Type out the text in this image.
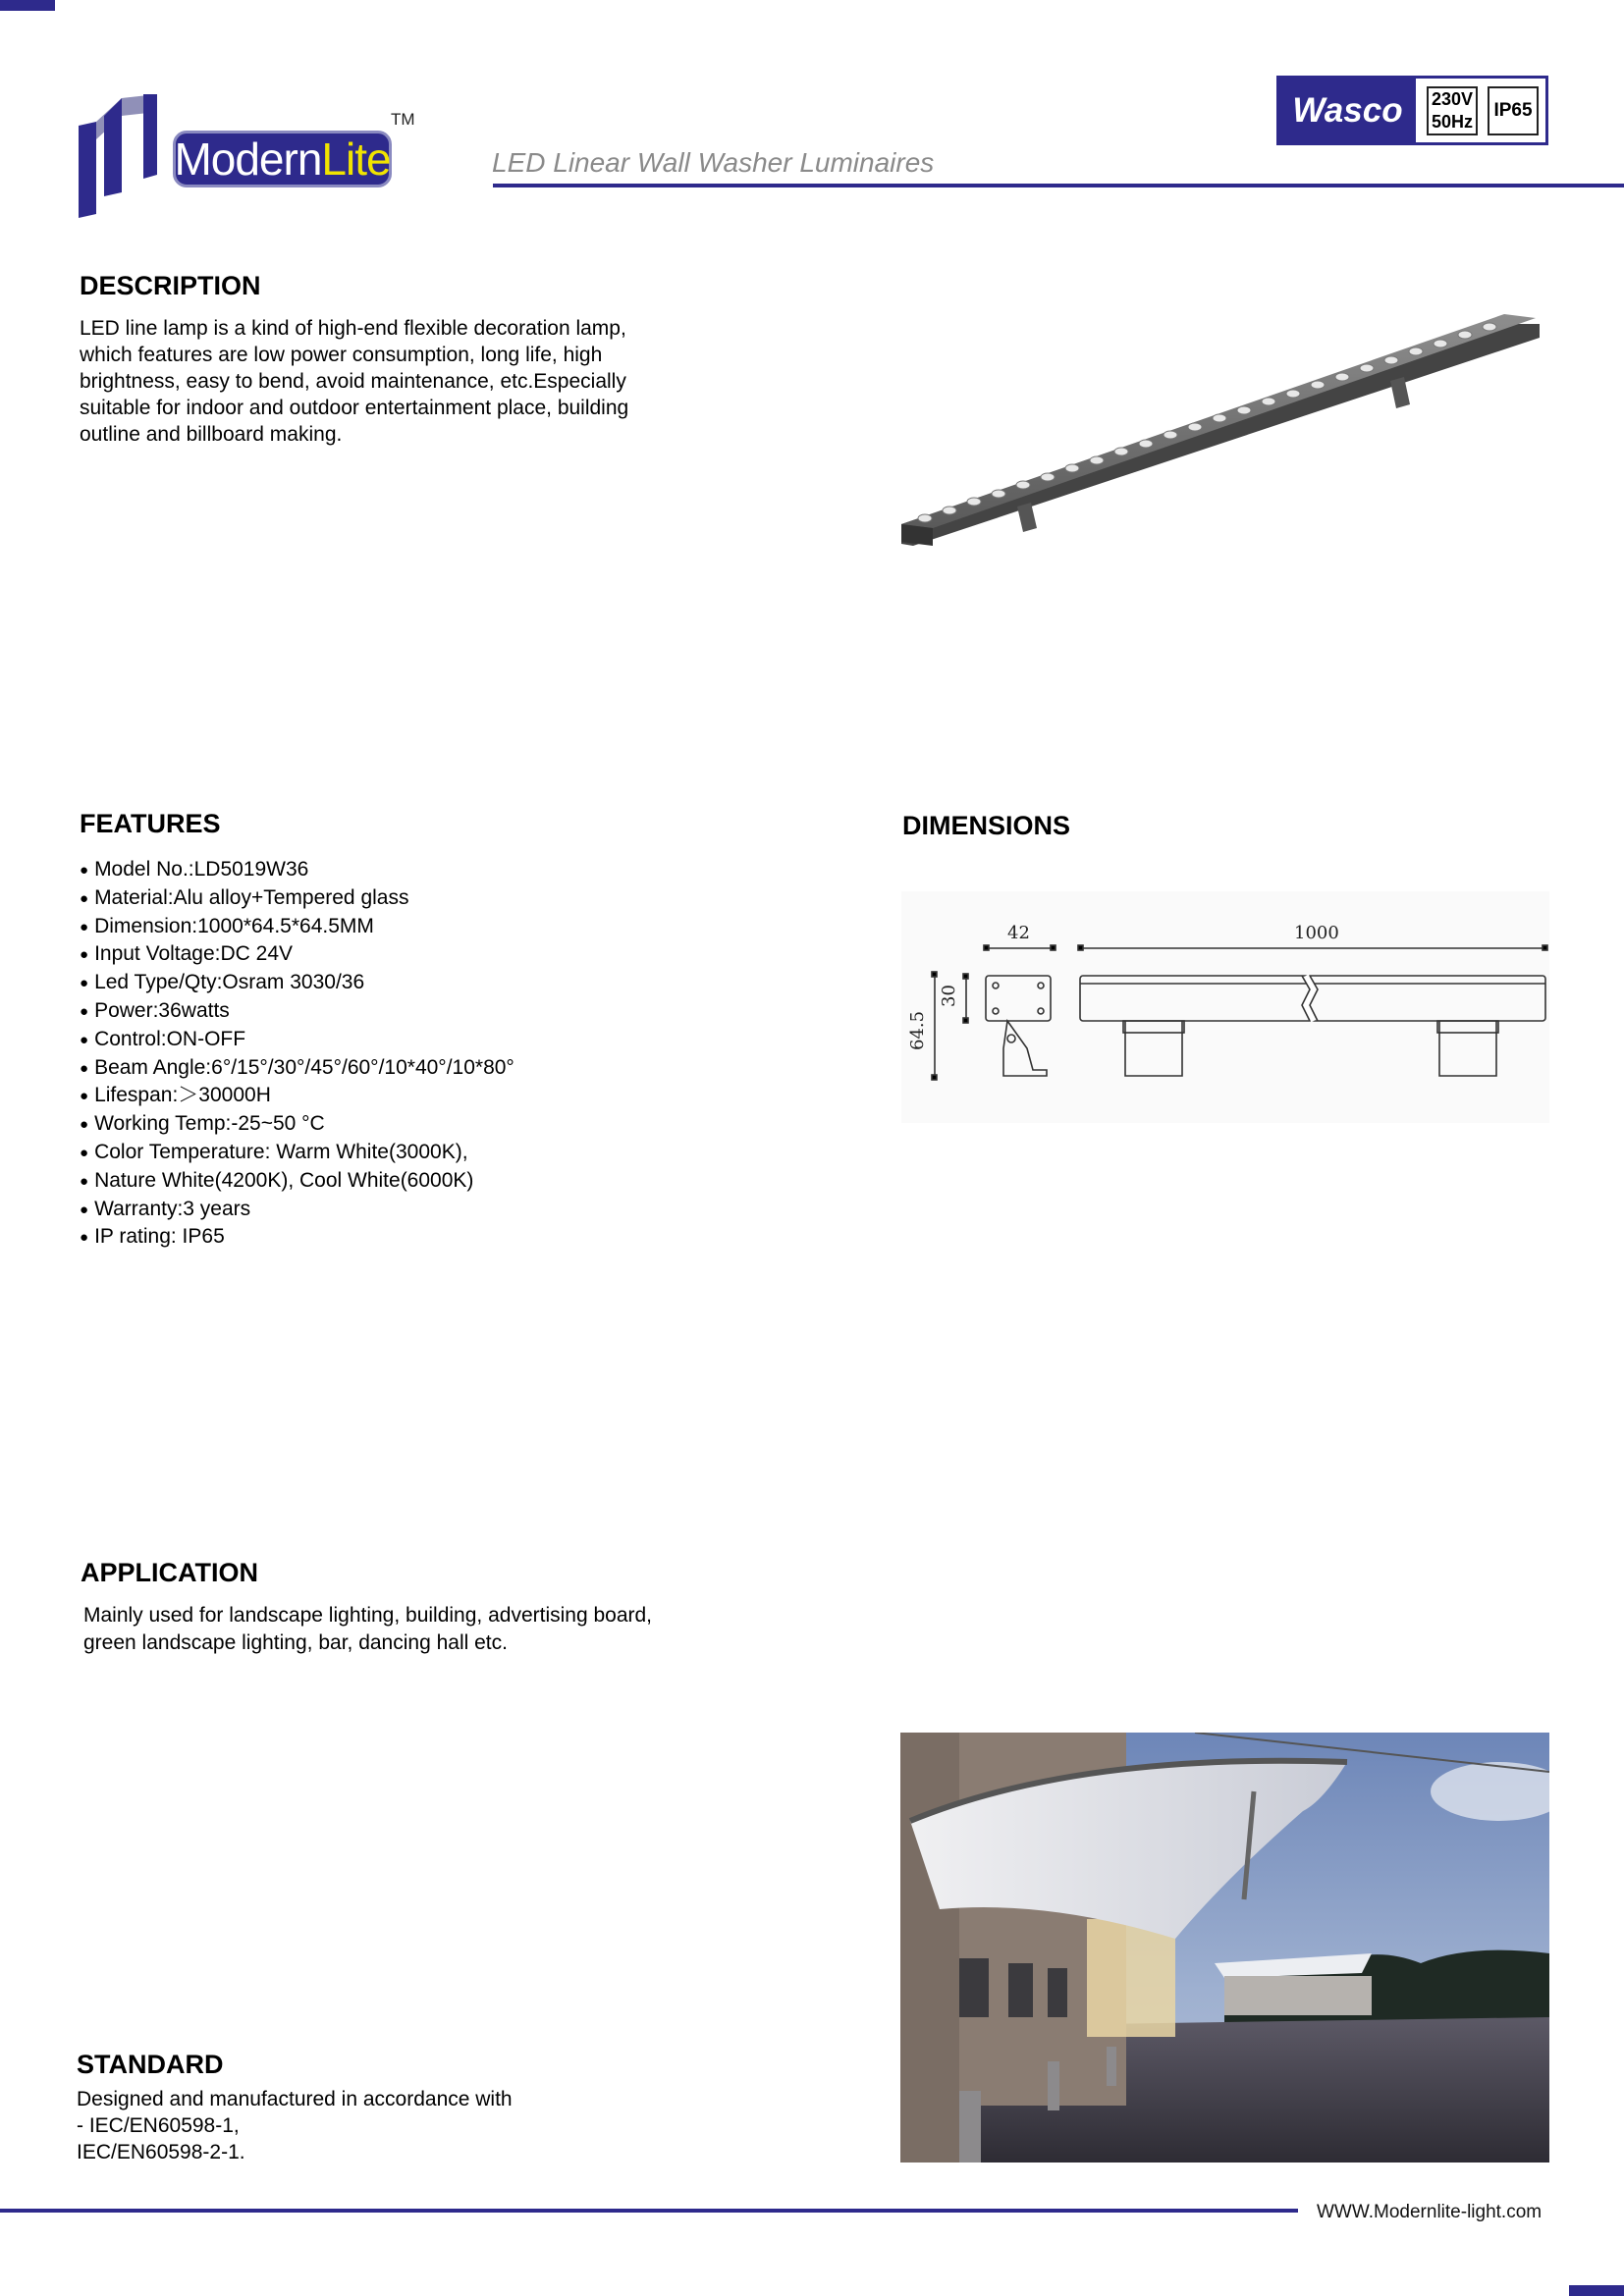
ModernLite
TM	Wasco	230V
50Hz
IP65
LED Linear Wall Washer Luminaires
DESCRIPTION
LED line lamp is a kind of high-end flexible decoration lamp,
which features are low power consumption, long life, high
brightness, easy to bend, avoid maintenance, etc.Especially
suitable for indoor and outdoor entertainment place, building
outline and billboard making.
FEATURES
● Model No.:LD5019W36
● Material:Alu alloy+Tempered glass
● Dimension:1000*64.5*64.5MM
● Input Voltage:DC 24V
● Led Type/Qty:Osram 3030/36
● Power:36watts
● Control:ON-OFF
● Beam Angle:6°/15°/30°/45°/60°/10*40°/10*80°
● Lifespan:＞30000H
● Working Temp:-25~50 °C
● Color Temperature: Warm White(3000K),
● Nature White(4200K), Cool White(6000K)
● Warranty:3 years
● IP rating: IP65
DIMENSIONS
42	1000
30
64.5
APPLICATION
Mainly used for landscape lighting, building, advertising board,
green landscape lighting, bar, dancing hall etc.
STANDARD
Designed and manufactured in accordance with
- IEC/EN60598-1,
IEC/EN60598-2-1.
WWW.Modernlite-light.com
